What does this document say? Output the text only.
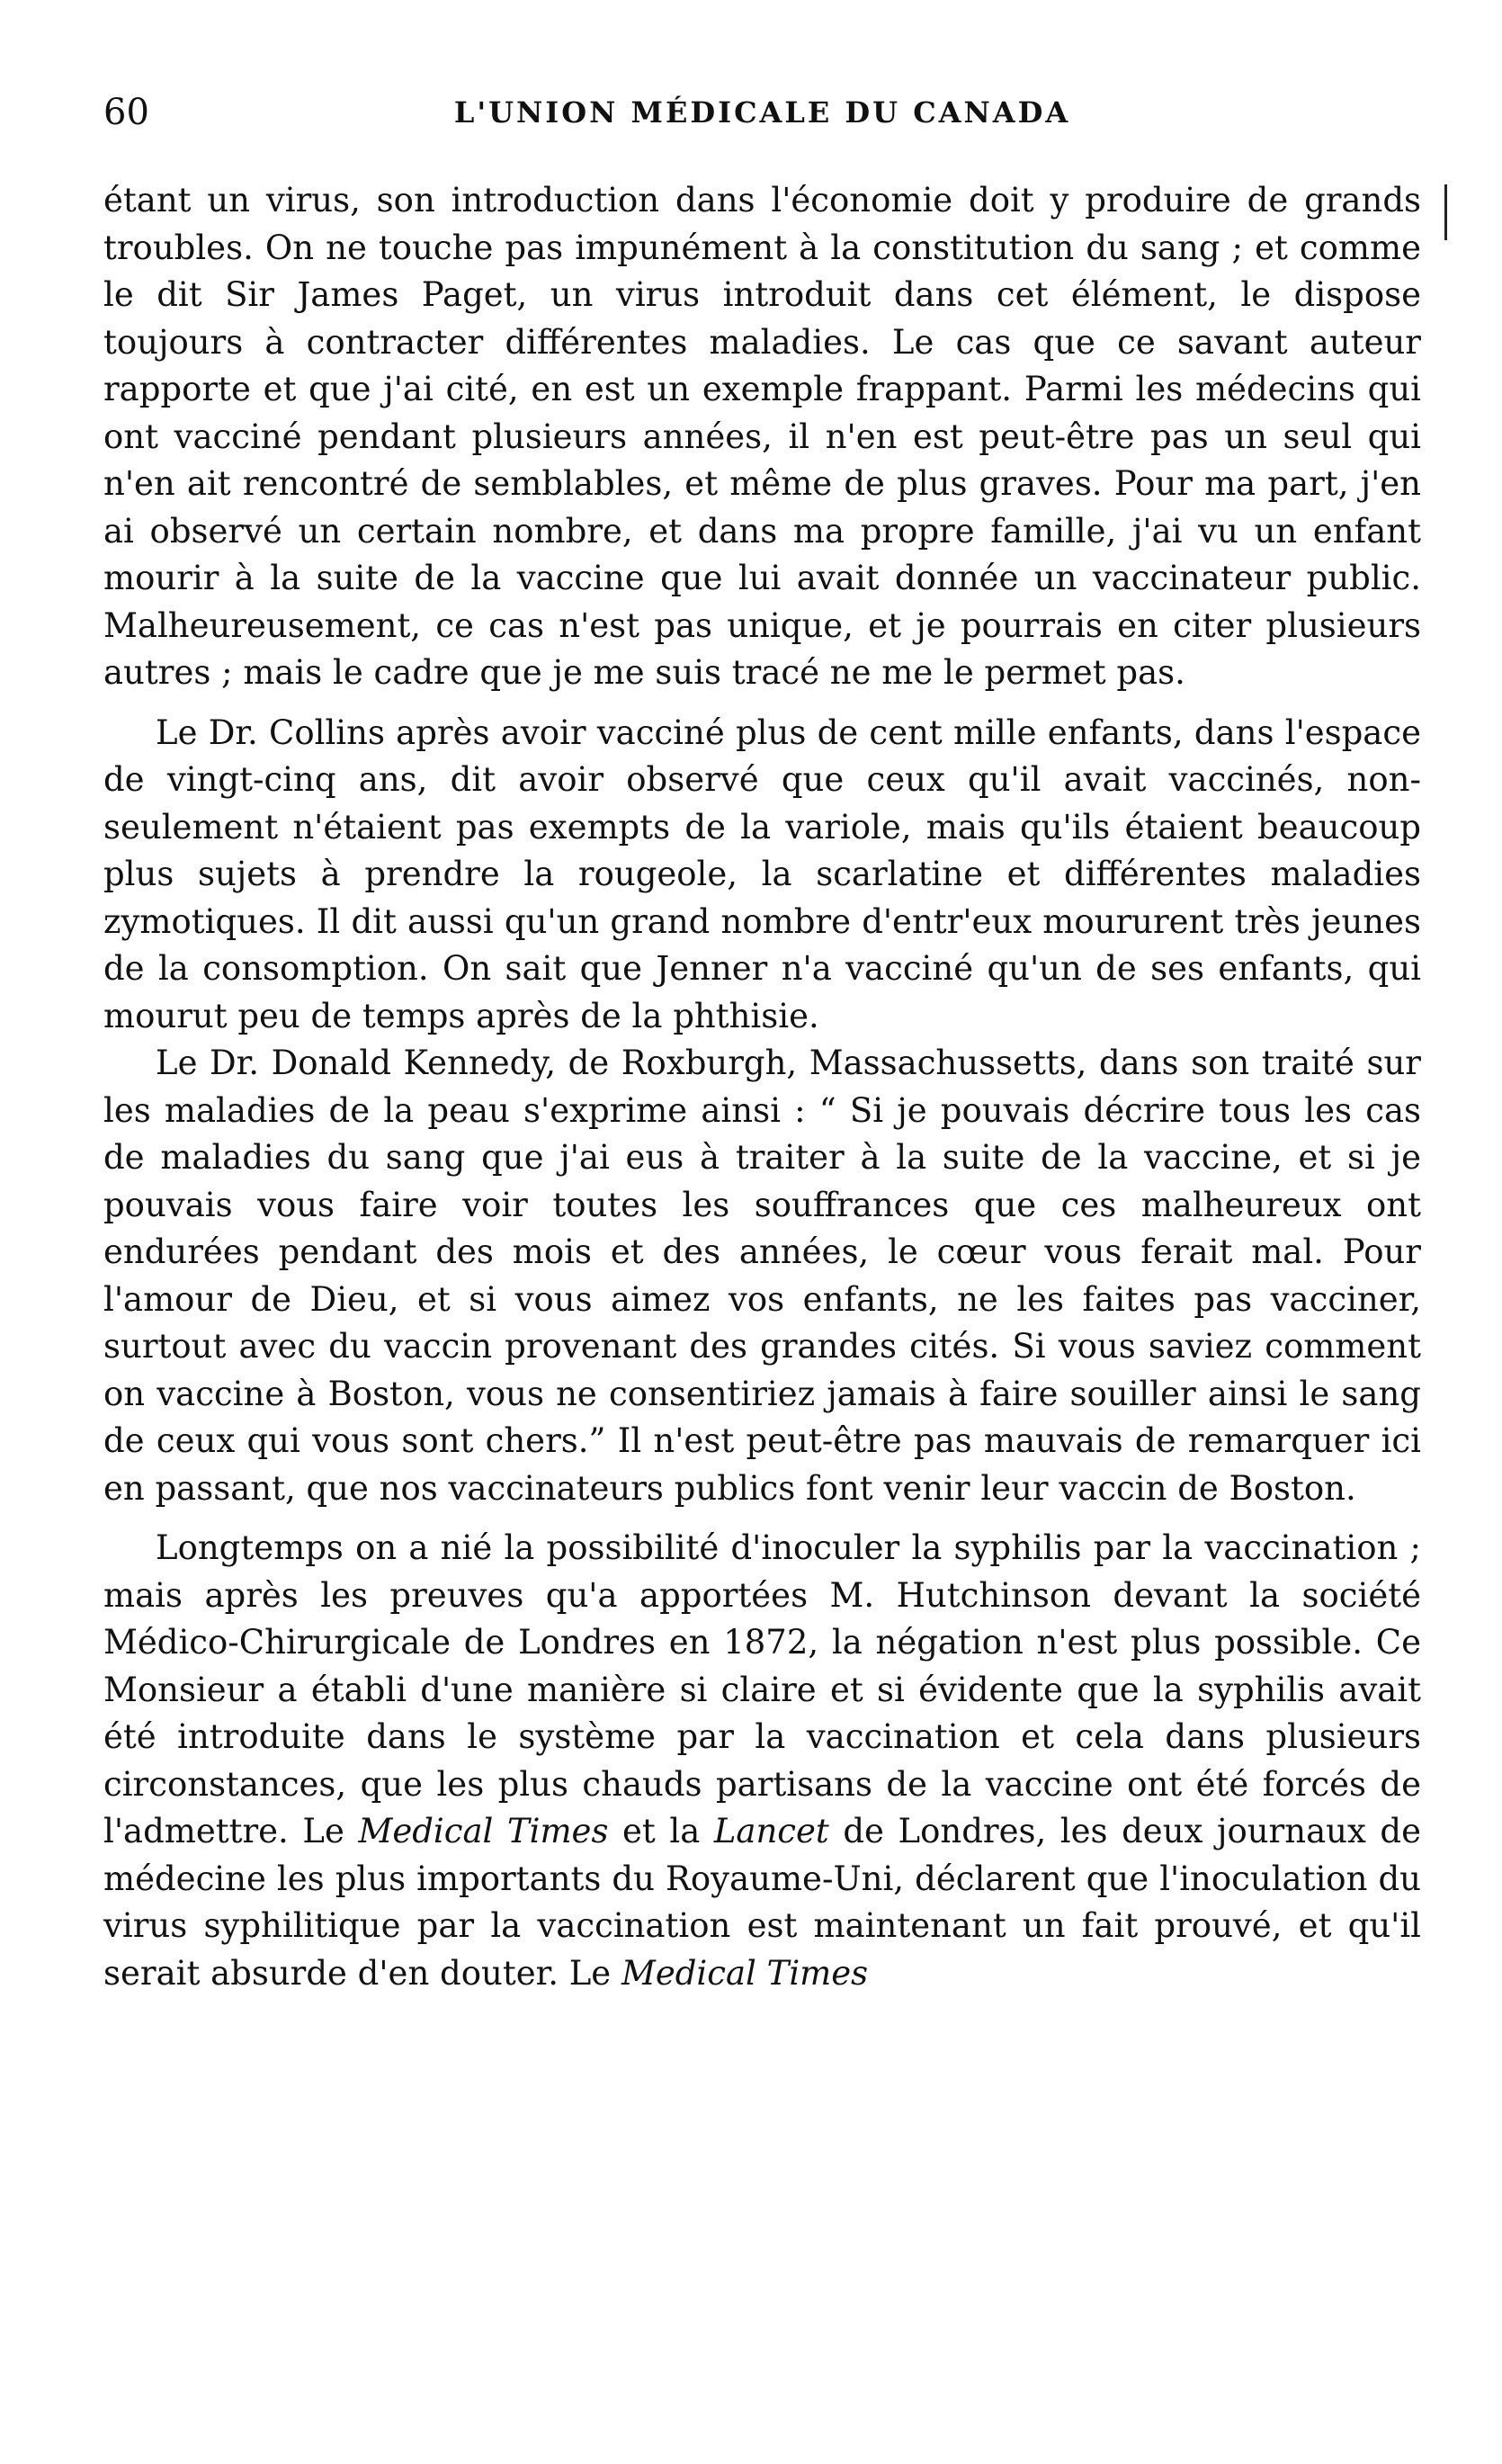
60	L'UNION MÉDICALE DU CANADA

étant un virus, son introduction dans l'économie doit y produire de grands troubles. On ne touche pas impunément à la constitution du sang ; et comme le dit Sir James Paget, un virus introduit dans cet élément, le dispose toujours à contracter différentes maladies. Le cas que ce savant auteur rapporte et que j'ai cité, en est un exemple frappant. Parmi les médecins qui ont vacciné pendant plusieurs années, il n'en est peut-être pas un seul qui n'en ait rencontré de semblables, et même de plus graves. Pour ma part, j'en ai observé un certain nombre, et dans ma propre famille, j'ai vu un enfant mourir à la suite de la vaccine que lui avait donnée un vaccinateur public. Malheureusement, ce cas n'est pas unique, et je pourrais en citer plusieurs autres ; mais le cadre que je me suis tracé ne me le permet pas.

Le Dr. Collins après avoir vacciné plus de cent mille enfants, dans l'espace de vingt-cinq ans, dit avoir observé que ceux qu'il avait vaccinés, non-seulement n'étaient pas exempts de la variole, mais qu'ils étaient beaucoup plus sujets à prendre la rougeole, la scarlatine et différentes maladies zymotiques. Il dit aussi qu'un grand nombre d'entr'eux moururent très jeunes de la consomption. On sait que Jenner n'a vacciné qu'un de ses enfants, qui mourut peu de temps après de la phthisie.

Le Dr. Donald Kennedy, de Roxburgh, Massachussetts, dans son traité sur les maladies de la peau s'exprime ainsi : “ Si je pouvais décrire tous les cas de maladies du sang que j'ai eus à traiter à la suite de la vaccine, et si je pouvais vous faire voir toutes les souffrances que ces malheureux ont endurées pendant des mois et des années, le cœur vous ferait mal. Pour l'amour de Dieu, et si vous aimez vos enfants, ne les faites pas vacciner, surtout avec du vaccin provenant des grandes cités. Si vous saviez comment on vaccine à Boston, vous ne consentiriez jamais à faire souiller ainsi le sang de ceux qui vous sont chers.” Il n'est peut-être pas mauvais de remarquer ici en passant, que nos vaccinateurs publics font venir leur vaccin de Boston.

Longtemps on a nié la possibilité d'inoculer la syphilis par la vaccination ; mais après les preuves qu'a apportées M. Hutchinson devant la société Médico-Chirurgicale de Londres en 1872, la négation n'est plus possible. Ce Monsieur a établi d'une manière si claire et si évidente que la syphilis avait été introduite dans le système par la vaccination et cela dans plusieurs circonstances, que les plus chauds partisans de la vaccine ont été forcés de l'admettre. Le Medical Times et la Lancet de Londres, les deux journaux de médecine les plus importants du Royaume-Uni, déclarent que l'inoculation du virus syphilitique par la vaccination est maintenant un fait prouvé, et qu'il serait absurde d'en douter. Le Medical Times
